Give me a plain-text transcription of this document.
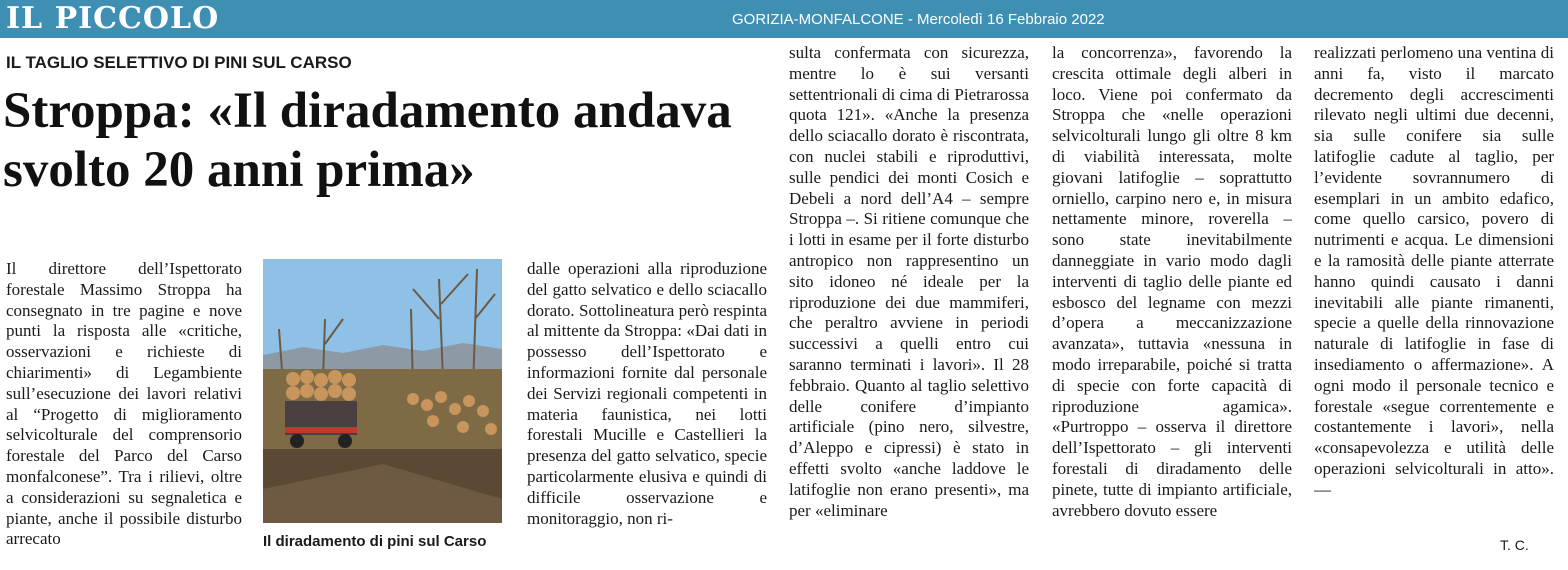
IL PICCOLO	GORIZIA-MONFALCONE - Mercoledì 16 Febbraio 2022
IL TAGLIO SELETTIVO DI PINI SUL CARSO
Stroppa: «Il diradamento andava svolto 20 anni prima»

Il direttore dell’Ispettorato forestale Massimo Stroppa ha consegnato in tre pagine e nove punti la risposta alle «critiche, osservazioni e richieste di chiarimenti» di Legambiente sull’esecuzione dei lavori relativi al “Progetto di miglioramento selvicolturale del comprensorio forestale del Parco del Carso monfalconese”. Tra i rilievi, oltre a considerazioni su segnaletica e piante, anche il possibile disturbo arrecato	Il diradamento di pini sul Carso

dalle operazioni alla riproduzione del gatto selvatico e dello sciacallo dorato. Sottolineatura però respinta al mittente da Stroppa: «Dai dati in possesso dell’Ispettorato e informazioni fornite dal personale dei Servizi regionali competenti in materia faunistica, nei lotti forestali Mucille e Castellieri la presenza del gatto selvatico, specie particolarmente elusiva e quindi di difficile osservazione e monitoraggio, non ri-

sulta confermata con sicurezza, mentre lo è sui versanti settentrionali di cima di Pietrarossa quota 121». «Anche la presenza dello sciacallo dorato è riscontrata, con nuclei stabili e riproduttivi, sulle pendici dei monti Cosich e Debeli a nord dell’A4 – sempre Stroppa –. Si ritiene comunque che i lotti in esame per il forte disturbo antropico non rappresentino un sito idoneo né ideale per la riproduzione dei due mammiferi, che peraltro avviene in periodi successivi a quelli entro cui saranno terminati i lavori». Il 28 febbraio. Quanto al taglio selettivo delle conifere d’impianto artificiale (pino nero, silvestre, d’Aleppo e cipressi) è stato in effetti svolto «anche laddove le latifoglie non erano presenti», ma per «eliminare

la concorrenza», favorendo la crescita ottimale degli alberi in loco. Viene poi confermato da Stroppa che «nelle operazioni selvicolturali lungo gli oltre 8 km di viabilità interessata, molte giovani latifoglie – soprattutto orniello, carpino nero e, in misura nettamente minore, roverella – sono state inevitabilmente danneggiate in vario modo dagli interventi di taglio delle piante ed esbosco del legname con mezzi d’opera a meccanizzazione avanzata», tuttavia «nessuna in modo irreparabile, poiché si tratta di specie con forte capacità di riproduzione agamica». «Purtroppo – osserva il direttore dell’Ispettorato – gli interventi forestali di diradamento delle pinete, tutte di impianto artificiale, avrebbero dovuto essere

realizzati perlomeno una ventina di anni fa, visto il marcato decremento degli accrescimenti rilevato negli ultimi due decenni, sia sulle conifere sia sulle latifoglie cadute al taglio, per l’evidente sovrannumero di esemplari in un ambito edafico, come quello carsico, povero di nutrimenti e acqua. Le dimensioni e la ramosità delle piante atterrate hanno quindi causato i danni inevitabili alle piante rimanenti, specie a quelle della rinnovazione naturale di latifoglie in fase di insediamento o affermazione». A ogni modo il personale tecnico e forestale «segue correntemente e costantemente i lavori», nella «consapevolezza e utilità delle operazioni selvicolturali in atto». —

T. C.
